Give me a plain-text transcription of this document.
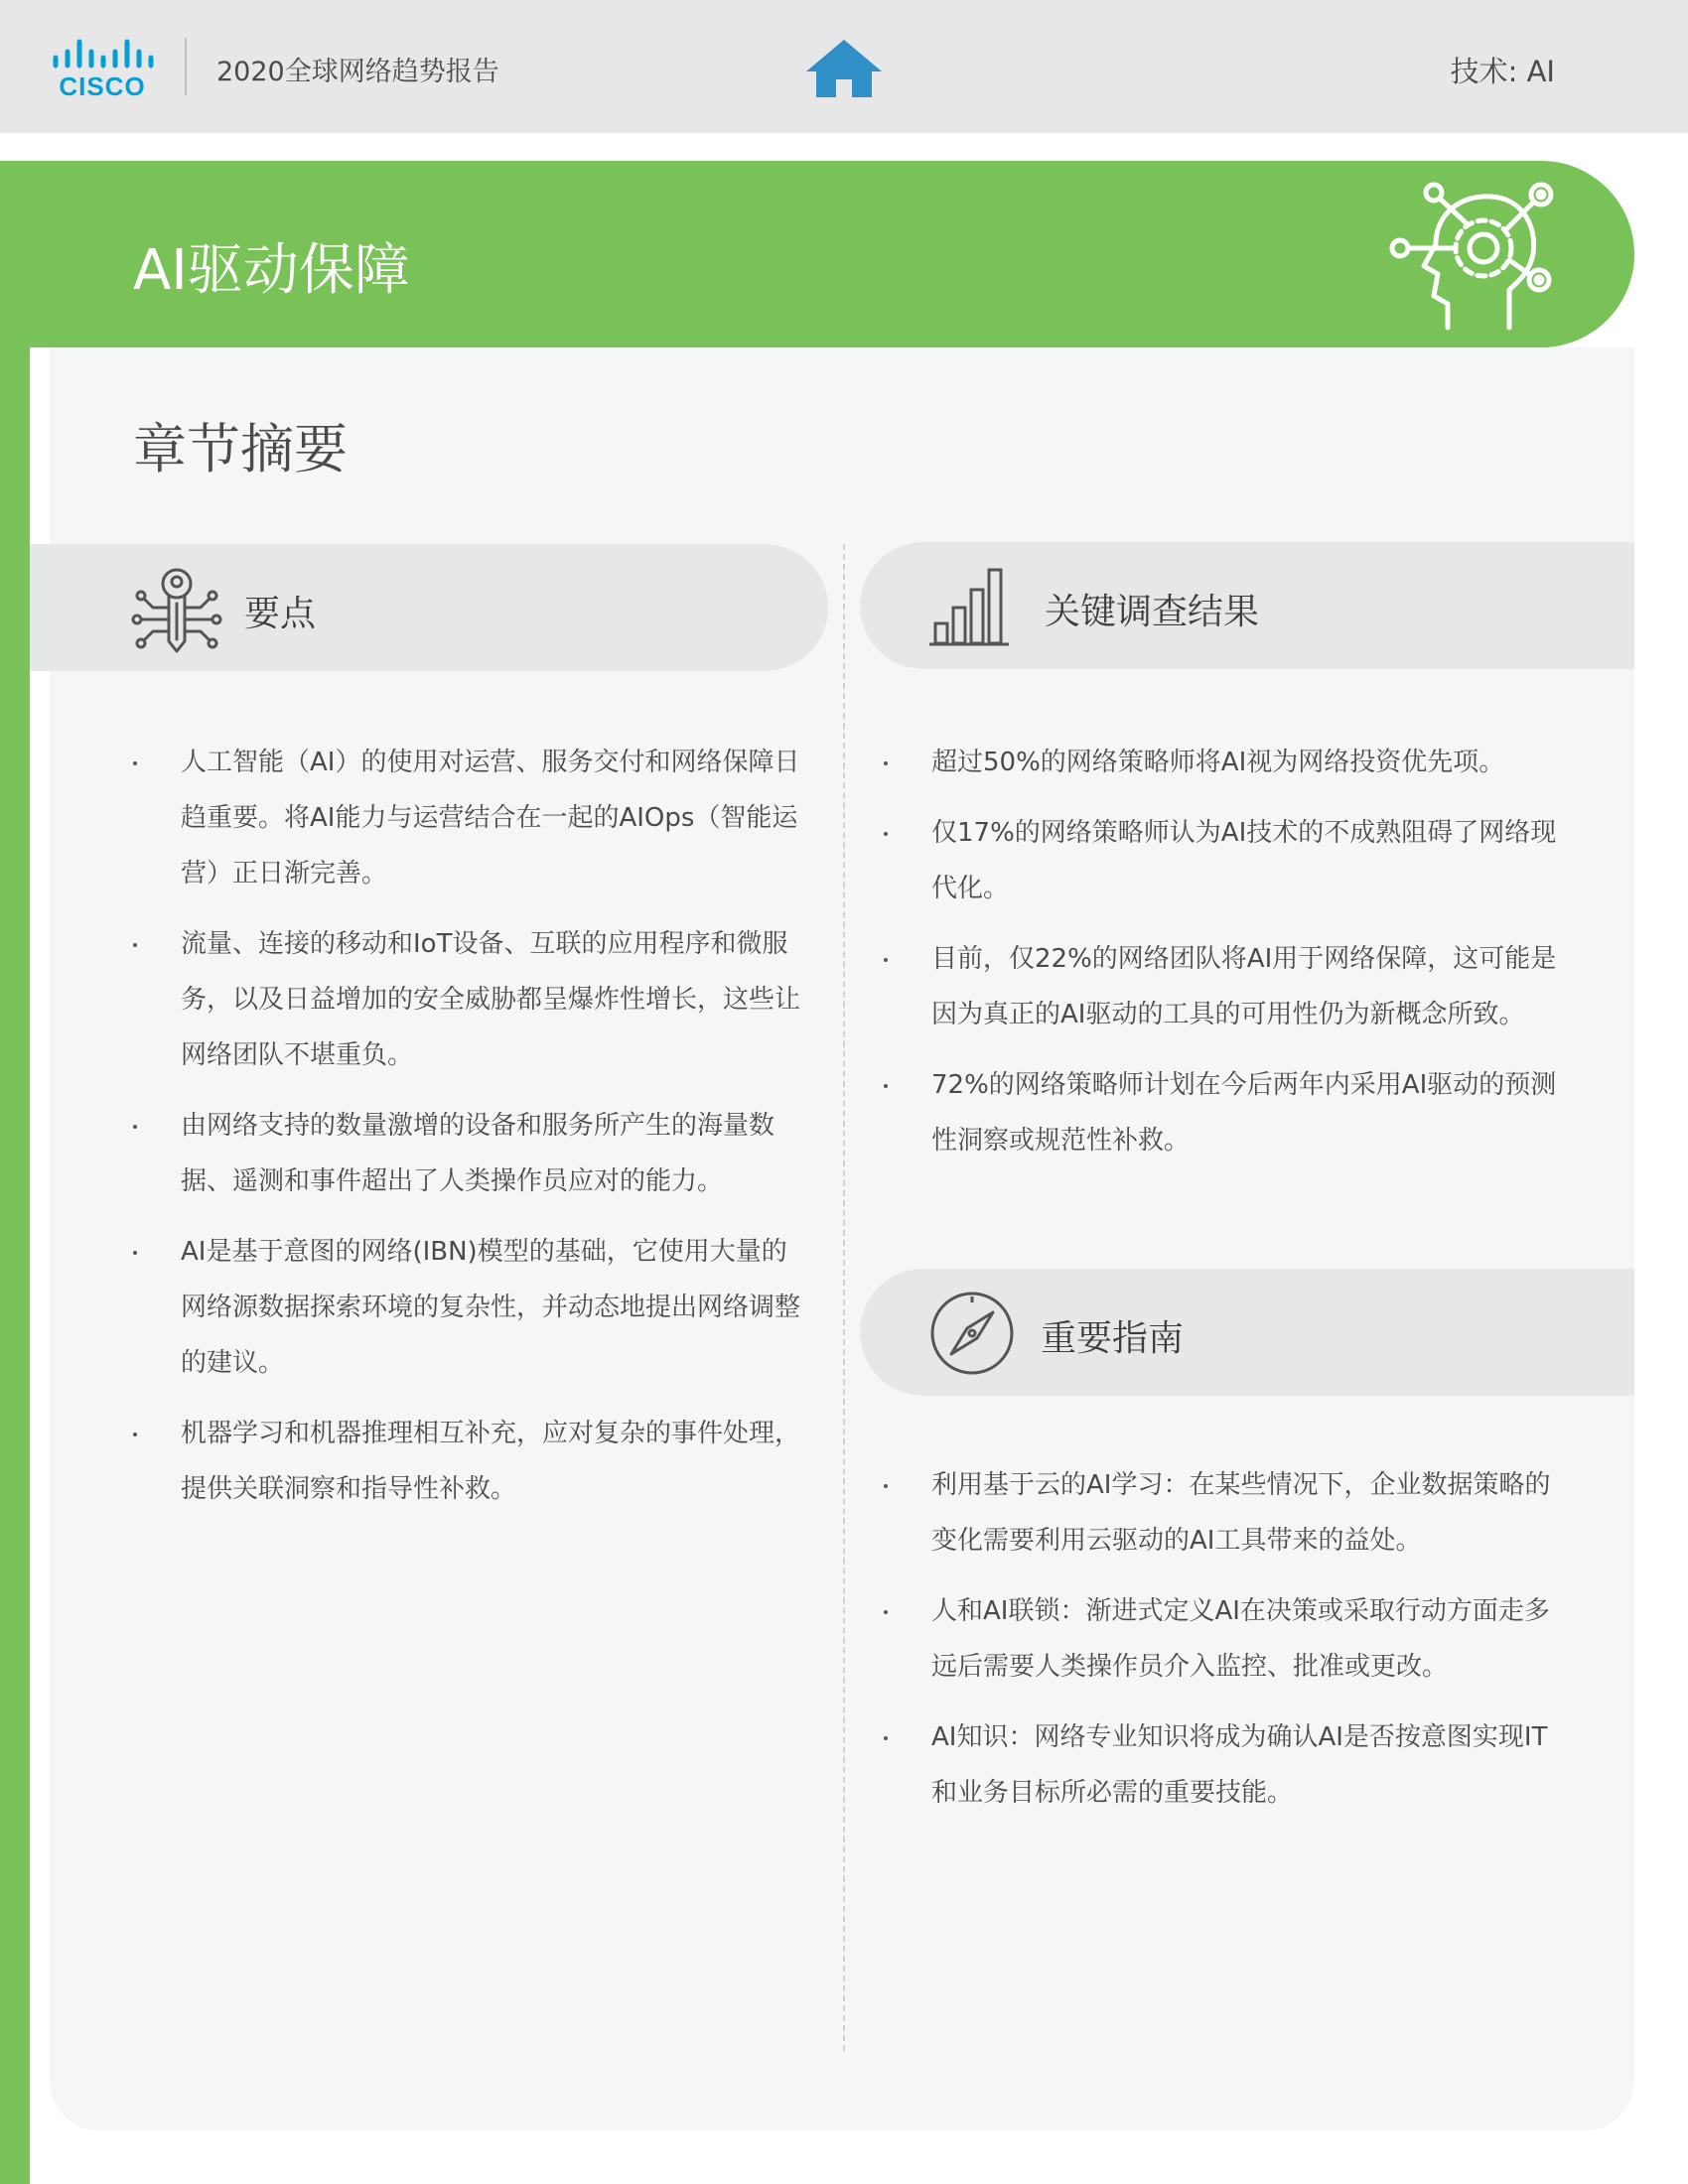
CISCO	2020全球网络趋势报告	技术: AI
AI驱动保障
章节摘要
要点
人工智能（AI）的使用对运营、服务交付和网络保障日趋重要。将AI能力与运营结合在一起的AIOps（智能运营）正日渐完善。
流量、连接的移动和IoT设备、互联的应用程序和微服务，以及日益增加的安全威胁都呈爆炸性增长，这些让网络团队不堪重负。
由网络支持的数量激增的设备和服务所产生的海量数据、遥测和事件超出了人类操作员应对的能力。
AI是基于意图的网络(IBN)模型的基础，它使用大量的网络源数据探索环境的复杂性，并动态地提出网络调整的建议。
机器学习和机器推理相互补充，应对复杂的事件处理，提供关联洞察和指导性补救。
关键调查结果
超过50%的网络策略师将AI视为网络投资优先项。
仅17%的网络策略师认为AI技术的不成熟阻碍了网络现代化。
目前，仅22%的网络团队将AI用于网络保障，这可能是因为真正的AI驱动的工具的可用性仍为新概念所致。
72%的网络策略师计划在今后两年内采用AI驱动的预测性洞察或规范性补救。
重要指南
利用基于云的AI学习：在某些情况下，企业数据策略的变化需要利用云驱动的AI工具带来的益处。
人和AI联锁：渐进式定义AI在决策或采取行动方面走多远后需要人类操作员介入监控、批准或更改。
AI知识：网络专业知识将成为确认AI是否按意图实现IT和业务目标所必需的重要技能。
